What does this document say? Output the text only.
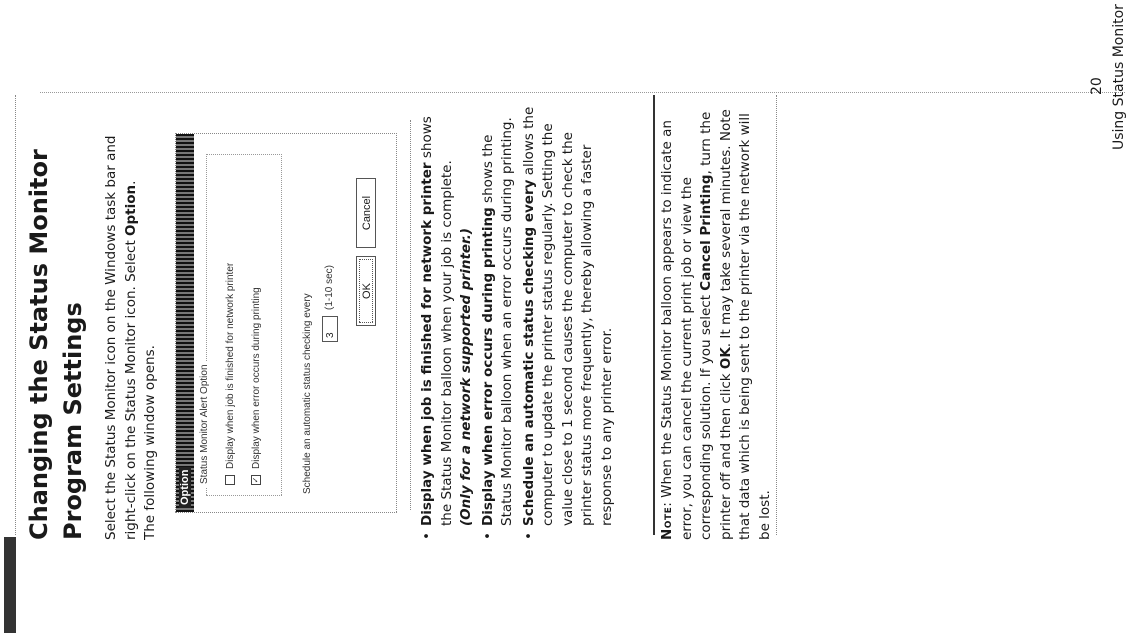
Changing the Status Monitor Program Settings Select the Status Monitor icon on the Windows task bar and right-click on the Status Monitor icon. Select Option.
The following window opens. Option
Status Monitor Alert Option Display when job is finished for network printer
✓Display when error occurs during printing	Schedule an automatic status checking every	3
(1-10 sec)	OK
Cancel	• Display when job is finished for network printer shows the Status Monitor balloon when your job is complete. (Only for a network supported printer.) • Display when error occurs during printing shows the Status Monitor balloon when an error occurs during printing. • Schedule an automatic status checking every allows the computer to update the printer status regularly. Setting the value close to 1 second causes the computer to check the printer status more frequently, thereby allowing a faster response to any printer error.	Note: When the Status Monitor balloon appears to indicate an error, you can cancel the current print job or view the corresponding solution. If you select Cancel Printing, turn the printer off and then click OK. It may take several minutes. Note that data which is being sent to the printer via the network will be lost.
20 Using Status Monitor
